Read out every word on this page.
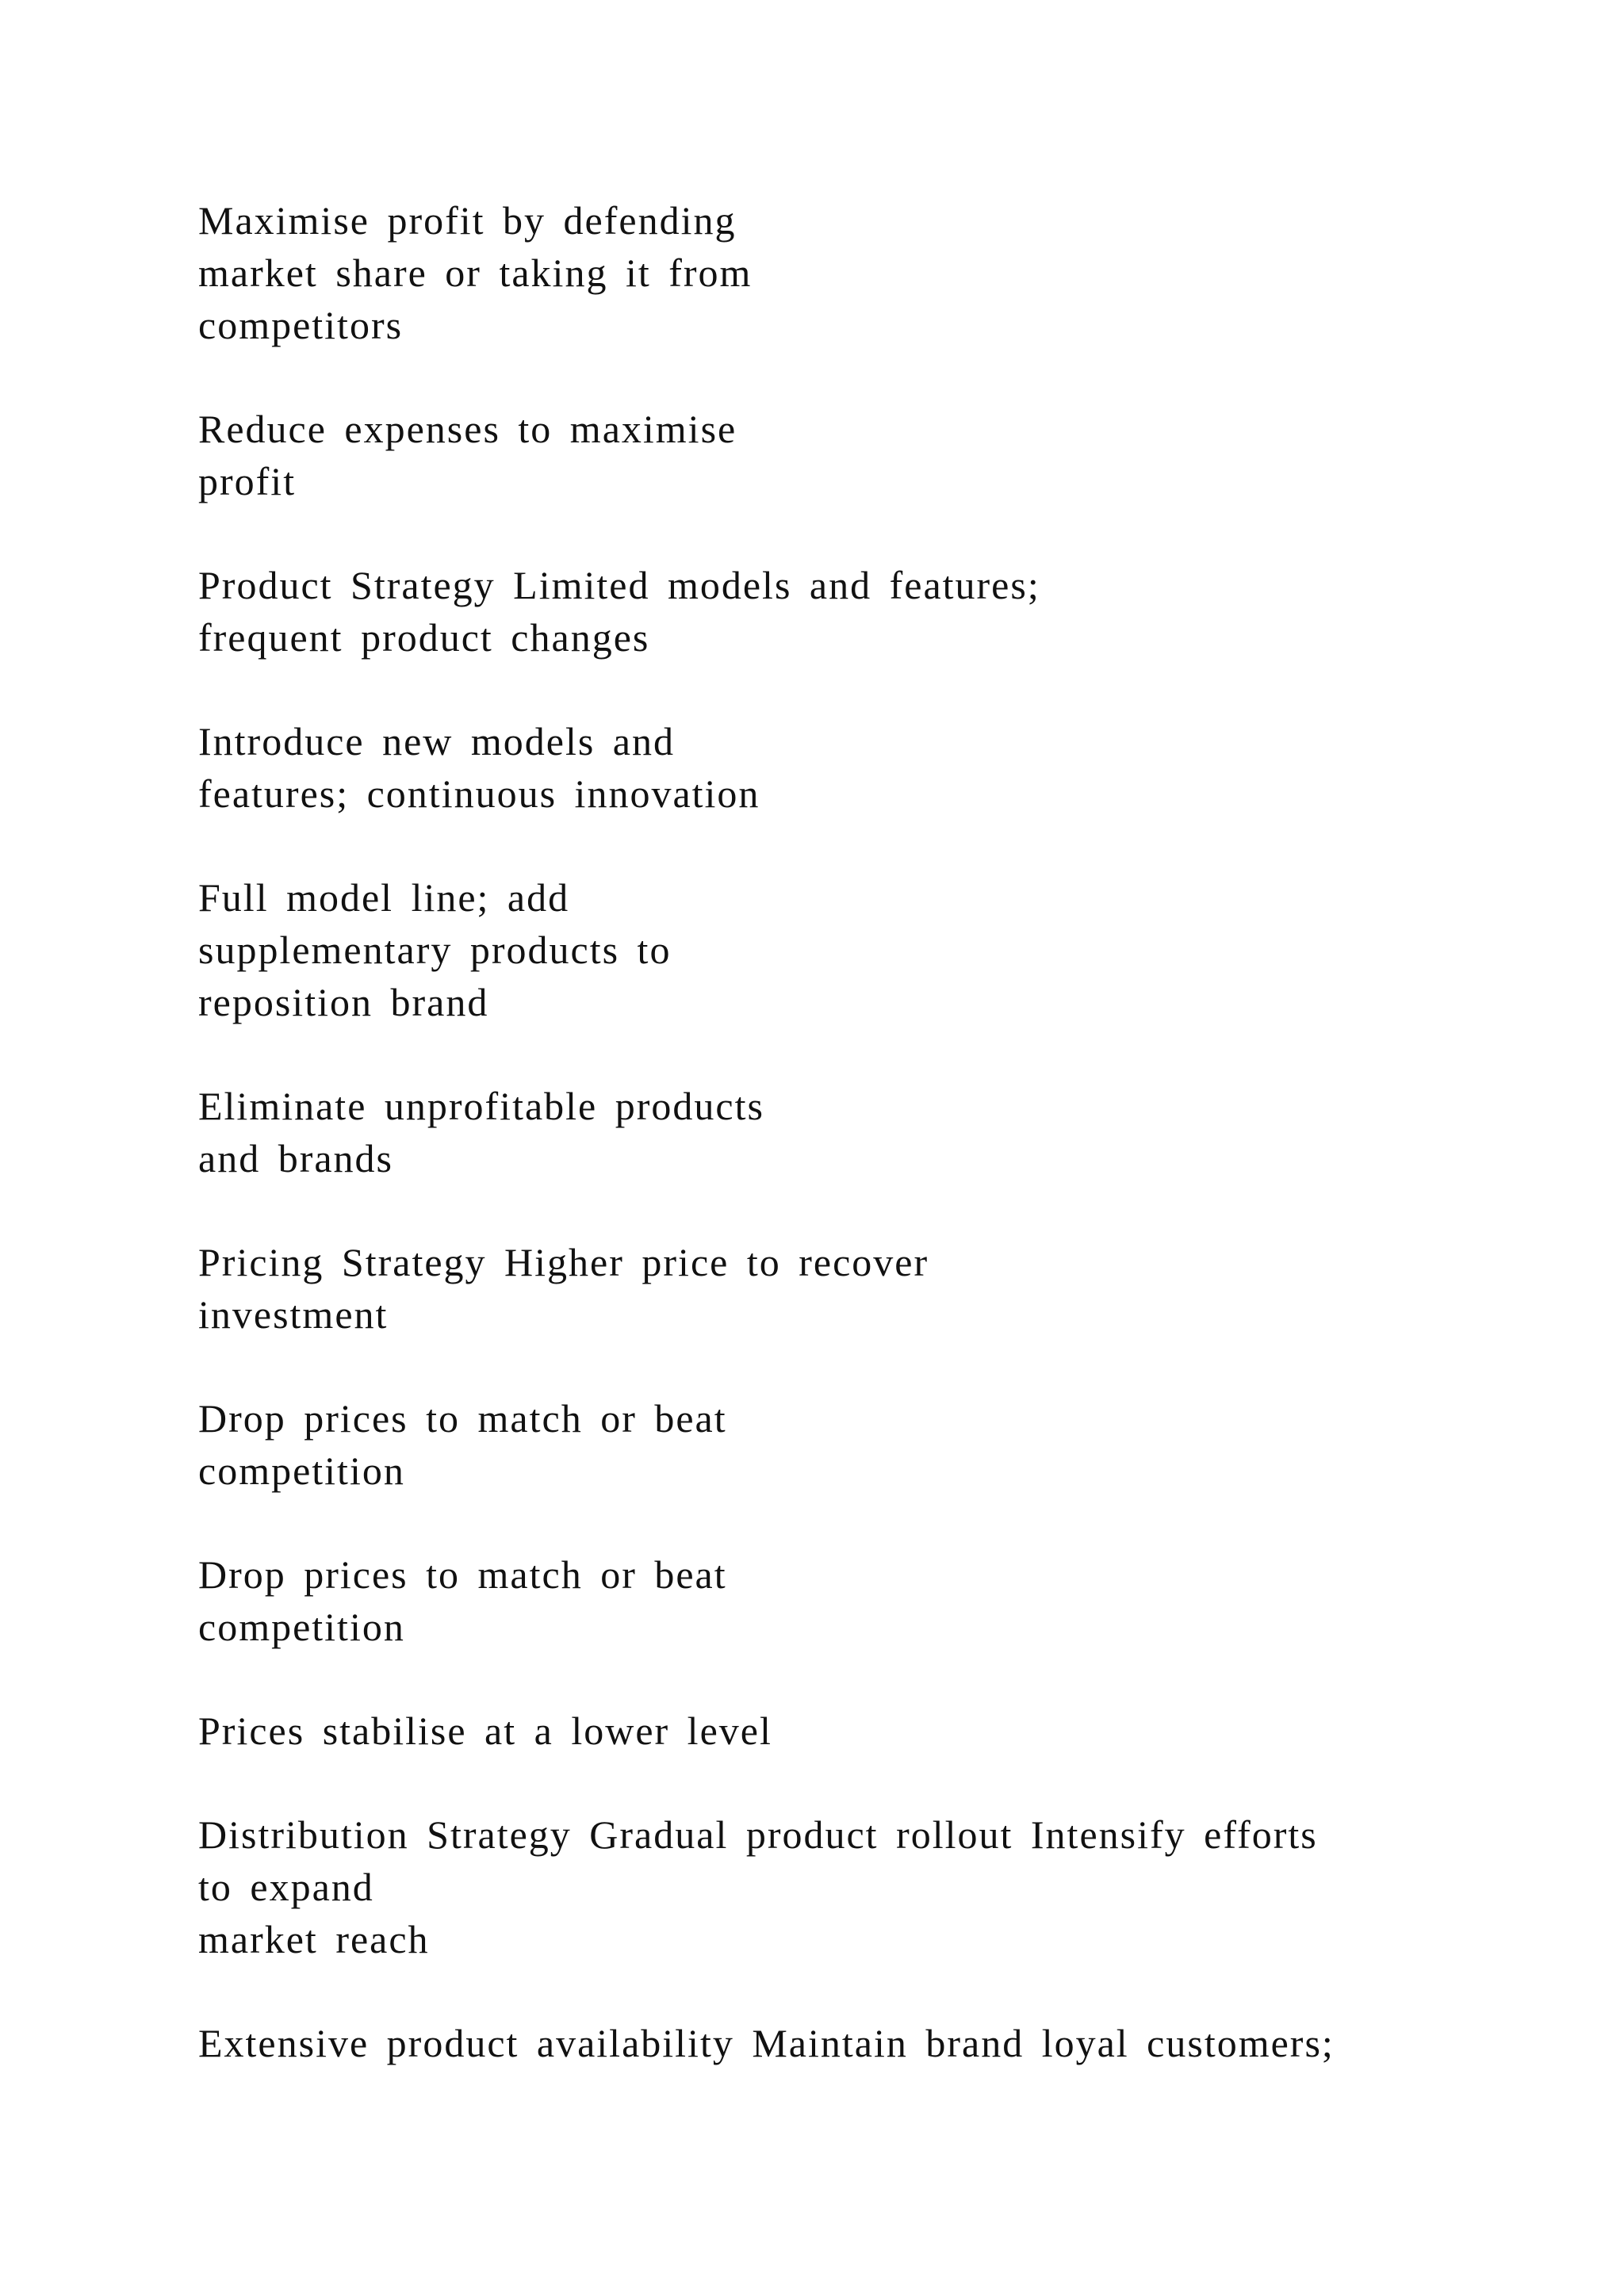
Maximise profit by defending
market share or taking it from
competitors

Reduce expenses to maximise
profit

Product Strategy Limited models and features;
frequent product changes

Introduce new models and
features; continuous innovation

Full model line; add
supplementary products to
reposition brand

Eliminate unprofitable products
and brands

Pricing Strategy Higher price to recover
investment

Drop prices to match or beat
competition

Drop prices to match or beat
competition

Prices stabilise at a lower level

Distribution Strategy Gradual product rollout Intensify efforts
to expand
market reach

Extensive product availability Maintain brand loyal customers;
